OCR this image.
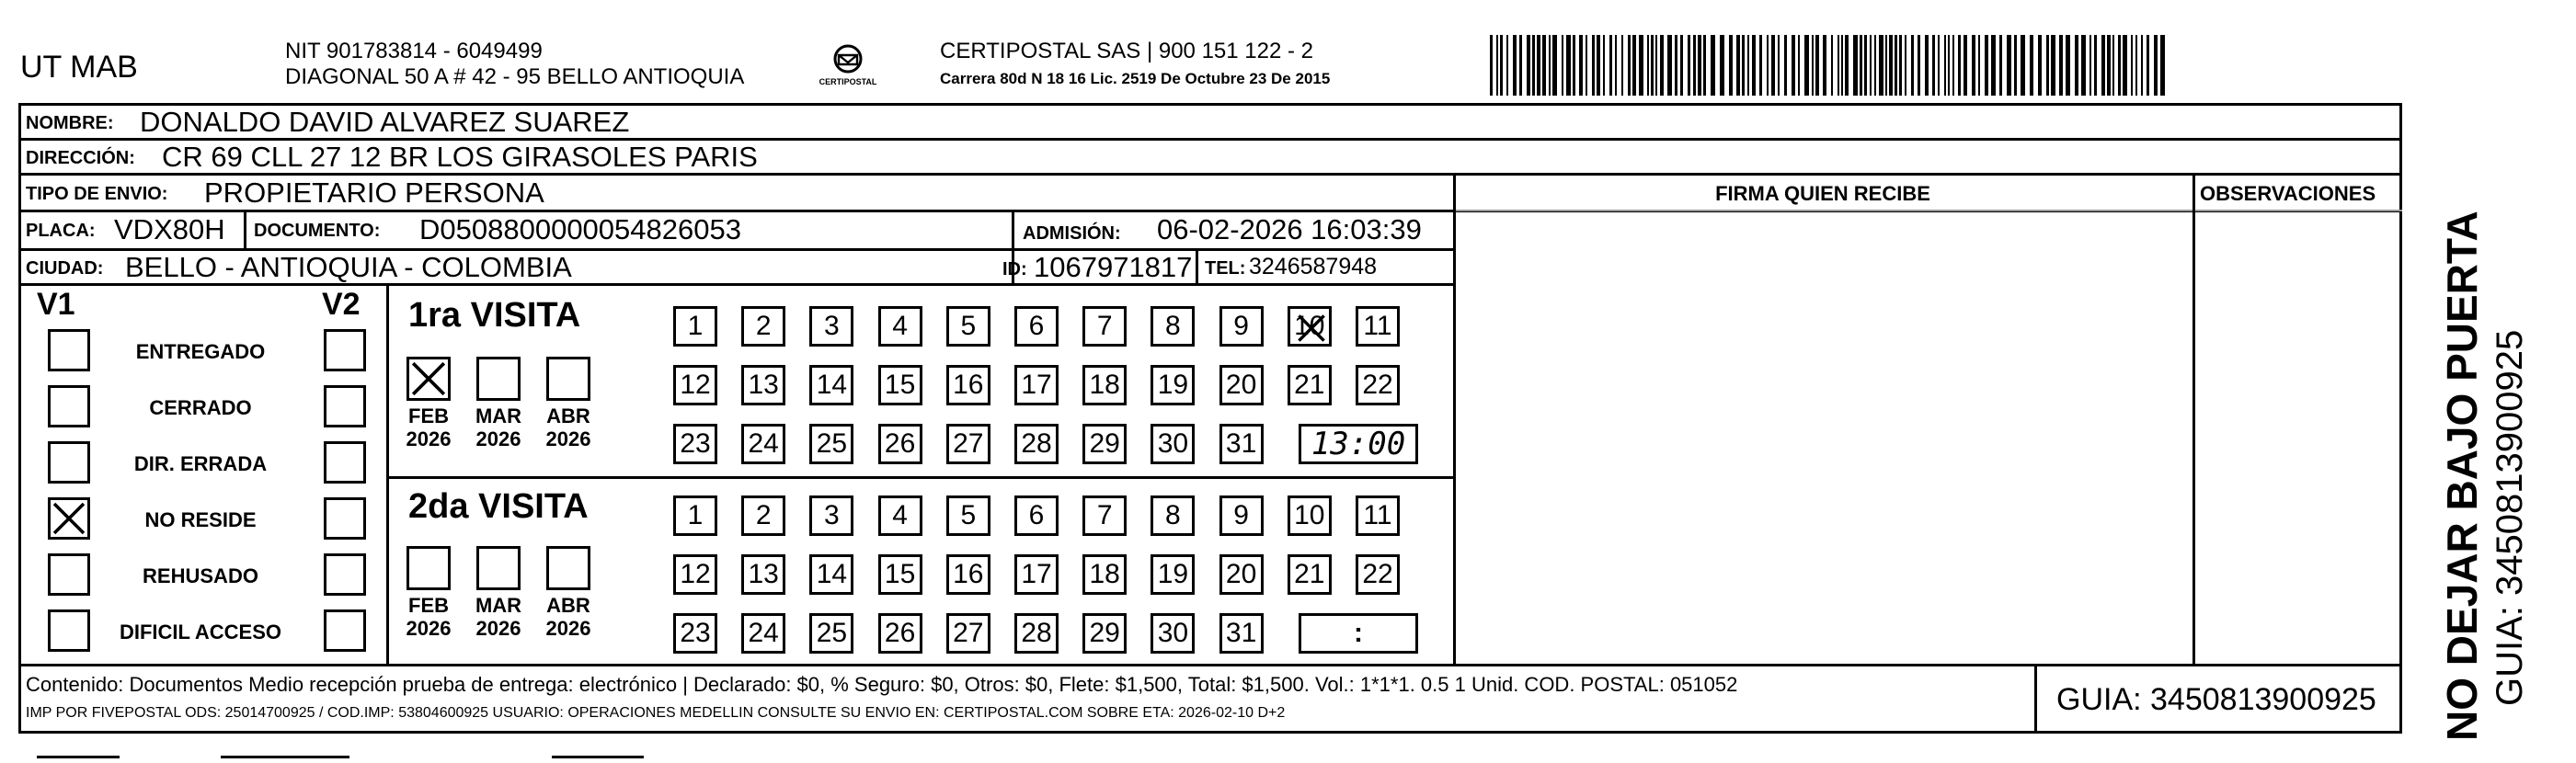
UT MAB	NIT 901783814 - 6049499
DIAGONAL 50 A # 42 - 95 BELLO ANTIOQUIA	CERTIPOSTAL
CERTIPOSTAL SAS | 900 151 122 - 2
Carrera 80d N 18 16 Lic. 2519 De Octubre 23 De 2015
NOMBRE: DONALDO DAVID ALVAREZ SUAREZ
DIRECCIÓN: CR 69 CLL 27 12 BR LOS GIRASOLES PARIS
TIPO DE ENVIO: PROPIETARIO PERSONA
PLACA: VDX80H DOCUMENTO: D0508800000054826053	ADMISIÓN: 06-02-2026 16:03:39
CIUDAD: BELLO - ANTIOQUIA - COLOMBIA	ID: 1067971817 TEL: 3246587948
FIRMA QUIEN RECIBE	OBSERVACIONES
V1	V2
ENTREGADO
CERRADO
DIR. ERRADA
NO RESIDE
REHUSADO
DIFICIL ACCESO
1ra VISITA
2da VISITA
FEB
2026
MAR
2026
ABR
2026
FEB
2026
MAR
2026
ABR
2026
1 2 3 4 5 6 7 8 9 10 11
12 13 14 15 16 17 18 19 20 21 22
23 24 25 26 27 28 29 30 31
1 2 3 4 5 6 7 8 9 10 11
12 13 14 15 16 17 18 19 20 21 22
23 24 25 26 27 28 29 30 31
13:00
:
Contenido: Documentos Medio recepción prueba de entrega: electrónico | Declarado: $0, % Seguro: $0, Otros: $0, Flete: $1,500, Total: $1,500. Vol.: 1*1*1. 0.5 1 Unid. COD. POSTAL: 051052
IMP POR FIVEPOSTAL ODS: 25014700925 / COD.IMP: 53804600925 USUARIO: OPERACIONES MEDELLIN CONSULTE SU ENVIO EN: CERTIPOSTAL.COM SOBRE ETA: 2026-02-10 D+2	GUIA: 3450813900925 NO DEJAR BAJO PUERTA GUIA: 3450813900925
